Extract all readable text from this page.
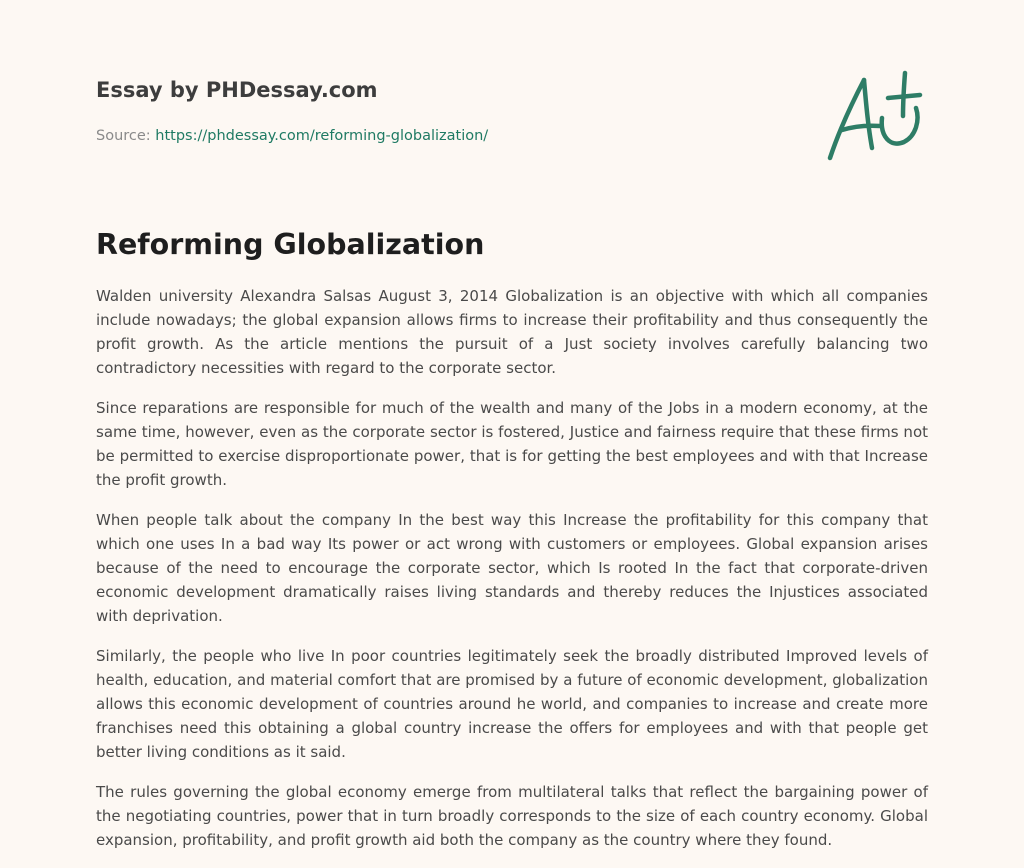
Essay by PHDessay.com
Source: https://phdessay.com/reforming-globalization/
Reforming Globalization

Walden university Alexandra Salsas August 3, 2014 Globalization is an objective with which all companies include nowadays; the global expansion allows firms to increase their profitability and thus consequently the profit growth. As the article mentions the pursuit of a Just society involves carefully balancing two contradictory necessities with regard to the corporate sector.

Since reparations are responsible for much of the wealth and many of the Jobs in a modern economy, at the same time, however, even as the corporate sector is fostered, Justice and fairness require that these firms not be permitted to exercise disproportionate power, that is for getting the best employees and with that Increase the profit growth.

When people talk about the company In the best way this Increase the profitability for this company that which one uses In a bad way Its power or act wrong with customers or employees. Global expansion arises because of the need to encourage the corporate sector, which Is rooted In the fact that corporate-driven economic development dramatically raises living standards and thereby reduces the Injustices associated with deprivation.

Similarly, the people who live In poor countries legitimately seek the broadly distributed Improved levels of health, education, and material comfort that are promised by a future of economic development, globalization allows this economic development of countries around he world, and companies to increase and create more franchises need this obtaining a global country increase the offers for employees and with that people get better living conditions as it said.

The rules governing the global economy emerge from multilateral talks that reflect the bargaining power of the negotiating countries, power that in turn broadly corresponds to the size of each country economy. Global expansion, profitability, and profit growth aid both the company as the country where they found.
